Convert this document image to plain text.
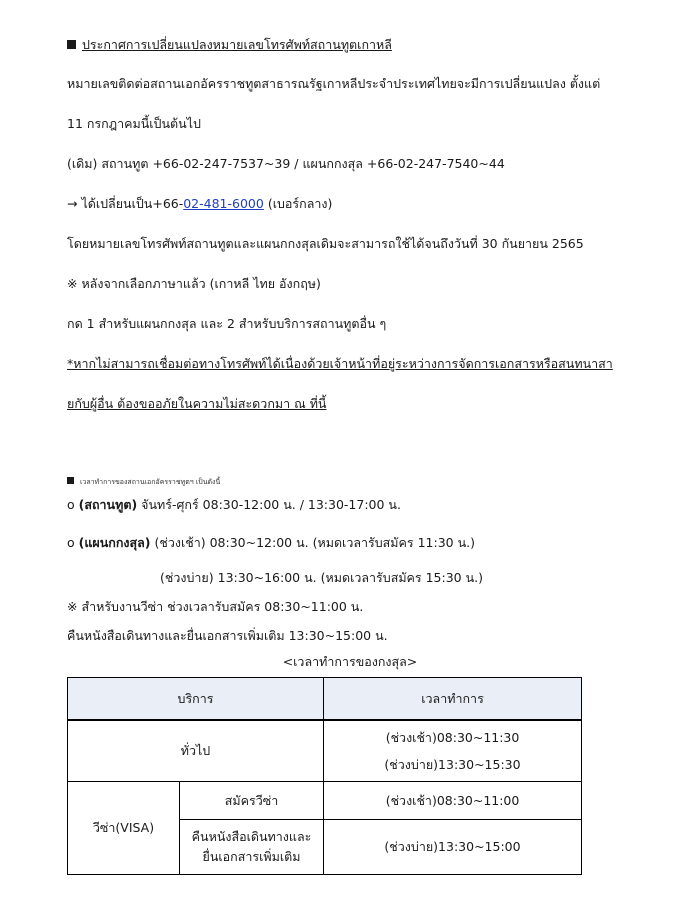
ประกาศการเปลี่ยนแปลงหมายเลขโทรศัพท์สถานทูตเกาหลี
หมายเลขติดต่อสถานเอกอัครราชทูตสาธารณรัฐเกาหลีประจำประเทศไทยจะมีการเปลี่ยนแปลง ตั้งแต่
11 กรกฎาคมนี้เป็นต้นไป
(เดิม) สถานทูต +66-02-247-7537~39 / แผนกกงสุล +66-02-247-7540~44
→ ได้เปลี่ยนเป็น+66-02-481-6000 (เบอร์กลาง)
โดยหมายเลขโทรศัพท์สถานทูตและแผนกกงสุลเดิมจะสามารถใช้ได้จนถึงวันที่ 30 กันยายน 2565
※ หลังจากเลือกภาษาแล้ว (เกาหลี ไทย อังกฤษ)
กด 1 สำหรับแผนกกงสุล และ 2 สำหรับบริการสถานทูตอื่น ๆ
*หากไม่สามารถเชื่อมต่อทางโทรศัพท์ได้เนื่องด้วยเจ้าหน้าที่อยู่ระหว่างการจัดการเอกสารหรือสนทนาสา
ยกับผู้อื่น ต้องขออภัยในความไม่สะดวกมา ณ ที่นี้
เวลาทำการของสถานเอกอัครราชทูตฯ เป็นดังนี้
o (สถานทูต) จันทร์-ศุกร์ 08:30-12:00 น. / 13:30-17:00 น.
o (แผนกกงสุล) (ช่วงเช้า) 08:30~12:00 น. (หมดเวลารับสมัคร 11:30 น.)
(ช่วงบ่าย) 13:30~16:00 น. (หมดเวลารับสมัคร 15:30 น.)
※ สำหรับงานวีซ่า ช่วงเวลารับสมัคร 08:30~11:00 น.
คืนหนังสือเดินทางและยื่นเอกสารเพิ่มเติม 13:30~15:00 น.
<เวลาทำการของกงสุล>
บริการ		เวลาทำการ
ทั่วไป		(ช่วงเช้า)08:30~11:30
(ช่วงบ่าย)13:30~15:30

วีซ่า(VISA)	สมัครวีซ่า	(ช่วงเช้า)08:30~11:00

	คืนหนังสือเดินทางและ
ยื่นเอกสารเพิ่มเติม	(ช่วงบ่าย)13:30~15:00
